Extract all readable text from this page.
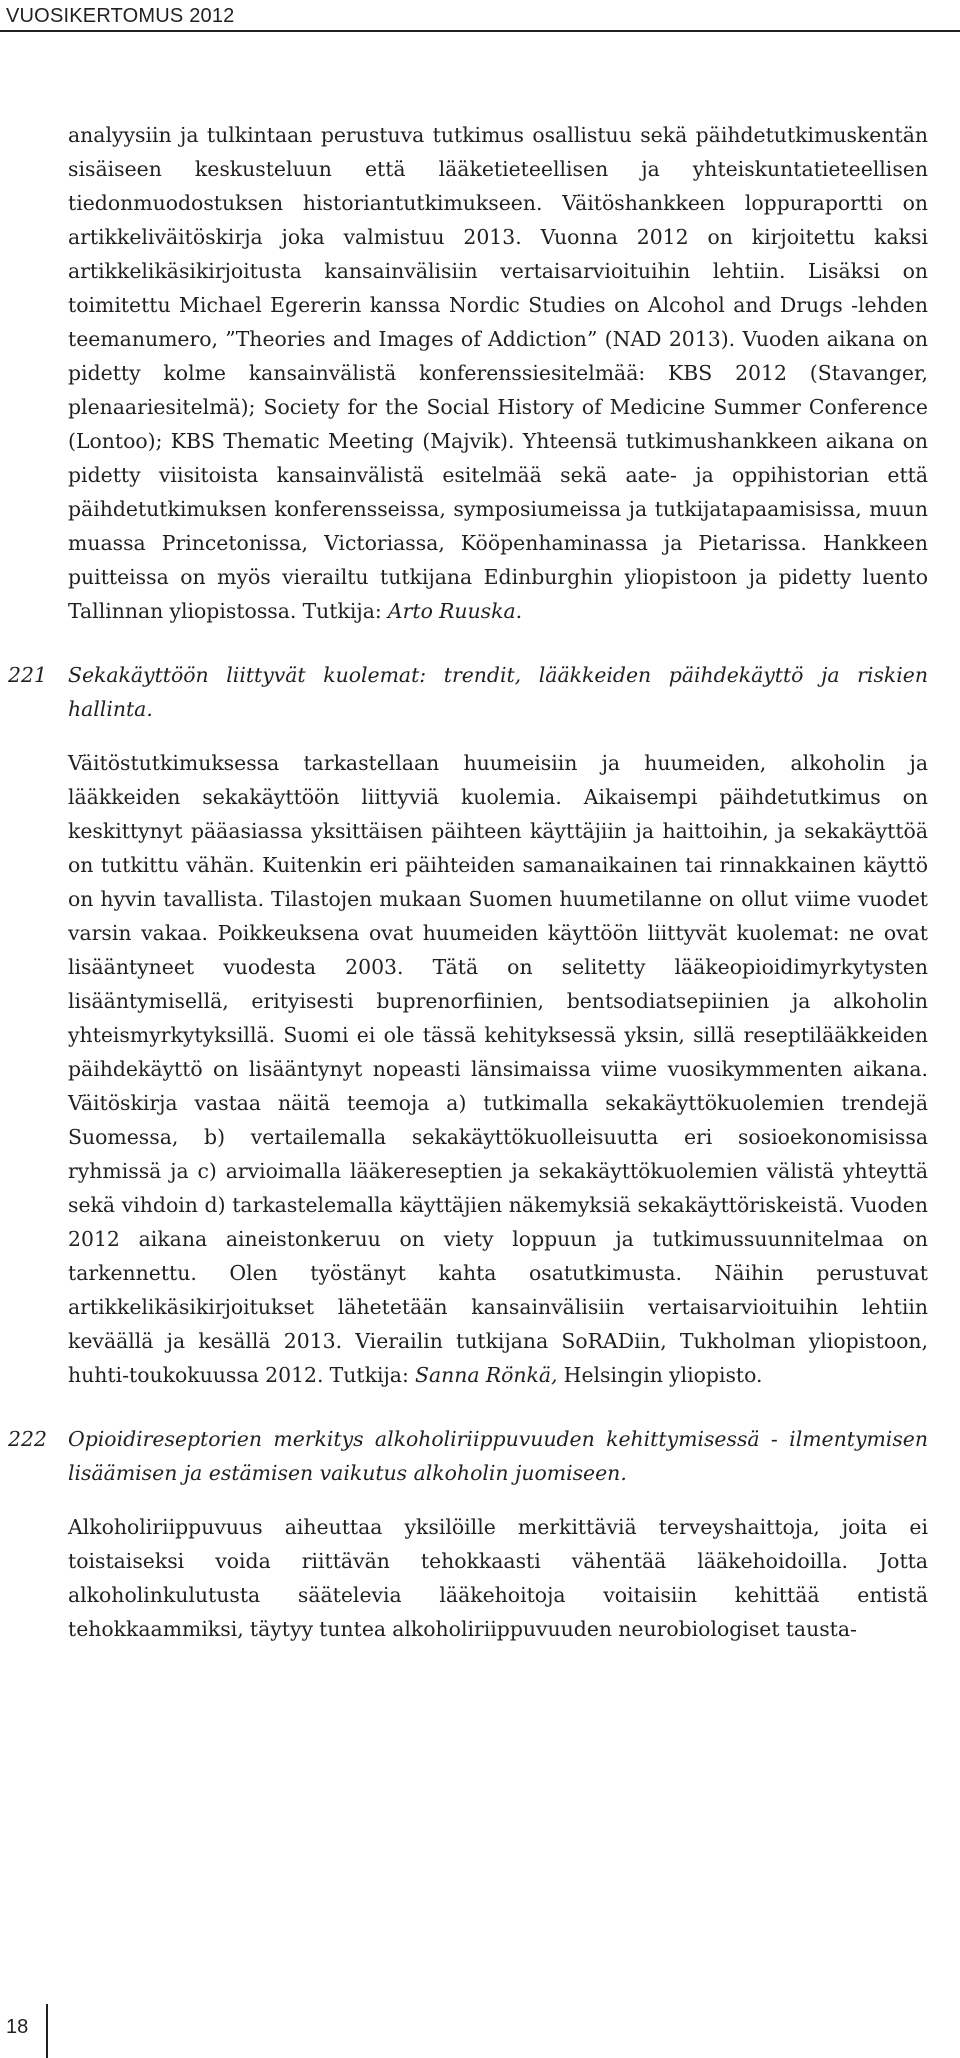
VUOSIKERTOMUS 2012

analyysiin ja tulkintaan perustuva tutkimus osallistuu sekä päihdetutkimuskentän sisäiseen keskusteluun että lääketieteellisen ja yhteiskuntatieteellisen tiedonmuodostuksen historiantutkimukseen. Väitöshankkeen loppuraportti on artikkeliväitöskirja joka valmistuu 2013. Vuonna 2012 on kirjoitettu kaksi artikkelikäsikirjoitusta kansainvälisiin vertaisarvioituihin lehtiin. Lisäksi on toimitettu Michael Egererin kanssa Nordic Studies on Alcohol and Drugs -lehden teemanumero, ”Theories and Images of Addiction” (NAD 2013). Vuoden aikana on pidetty kolme kansainvälistä konferenssiesitelmää: KBS 2012 (Stavanger, plenaariesitelmä); Society for the Social History of Medicine Summer Conference (Lontoo); KBS Thematic Meeting (Majvik). Yhteensä tutkimushankkeen aikana on pidetty viisitoista kansainvälistä esitelmää sekä aate- ja oppihistorian että päihdetutkimuksen konferensseissa, symposiumeissa ja tutkijatapaamisissa, muun muassa Princetonissa, Victoriassa, Kööpenhaminassa ja Pietarissa. Hankkeen puitteissa on myös vierailtu tutkijana Edinburghin yliopistoon ja pidetty luento Tallinnan yliopistossa. Tutkija: Arto Ruuska.

221 Sekakäyttöön liittyvät kuolemat: trendit, lääkkeiden päihdekäyttö ja riskien hallinta.

Väitöstutkimuksessa tarkastellaan huumeisiin ja huumeiden, alkoholin ja lääkkeiden sekakäyttöön liittyviä kuolemia. Aikaisempi päihdetutkimus on keskittynyt pääasiassa yksittäisen päihteen käyttäjiin ja haittoihin, ja sekakäyttöä on tutkittu vähän. Kuitenkin eri päihteiden samanaikainen tai rinnakkainen käyttö on hyvin tavallista. Tilastojen mukaan Suomen huumetilanne on ollut viime vuodet varsin vakaa. Poikkeuksena ovat huumeiden käyttöön liittyvät kuolemat: ne ovat lisääntyneet vuodesta 2003. Tätä on selitetty lääkeopioidimyrkytysten lisääntymisellä, erityisesti buprenorfiinien, bentsodiatsepiinien ja alkoholin yhteismyrkytyksillä. Suomi ei ole tässä kehityksessä yksin, sillä reseptilääkkeiden päihdekäyttö on lisääntynyt nopeasti länsimaissa viime vuosikymmenten aikana. Väitöskirja vastaa näitä teemoja a) tutkimalla sekakäyttökuolemien trendejä Suomessa, b) vertailemalla sekakäyttökuolleisuutta eri sosioekonomisissa ryhmissä ja c) arvioimalla lääkereseptien ja sekakäyttökuolemien välistä yhteyttä sekä vihdoin d) tarkastelemalla käyttäjien näkemyksiä sekakäyttöriskeistä. Vuoden 2012 aikana aineistonkeruu on viety loppuun ja tutkimussuunnitelmaa on tarkennettu. Olen työstänyt kahta osatutkimusta. Näihin perustuvat artikkelikäsikirjoitukset lähetetään kansainvälisiin vertaisarvioituihin lehtiin keväällä ja kesällä 2013. Vierailin tutkijana SoRADiin, Tukholman yliopistoon, huhti-toukokuussa 2012. Tutkija: Sanna Rönkä, Helsingin yliopisto.

222 Opioidireseptorien merkitys alkoholiriippuvuuden kehittymisessä - ilmentymisen lisäämisen ja estämisen vaikutus alkoholin juomiseen.

Alkoholiriippuvuus aiheuttaa yksilöille merkittäviä terveyshaittoja, joita ei toistaiseksi voida riittävän tehokkaasti vähentää lääkehoidoilla. Jotta alkoholinkulutusta säätelevia lääkehoitoja voitaisiin kehittää entistä tehokkaammiksi, täytyy tuntea alkoholiriippuvuuden neurobiologiset tausta-

18
